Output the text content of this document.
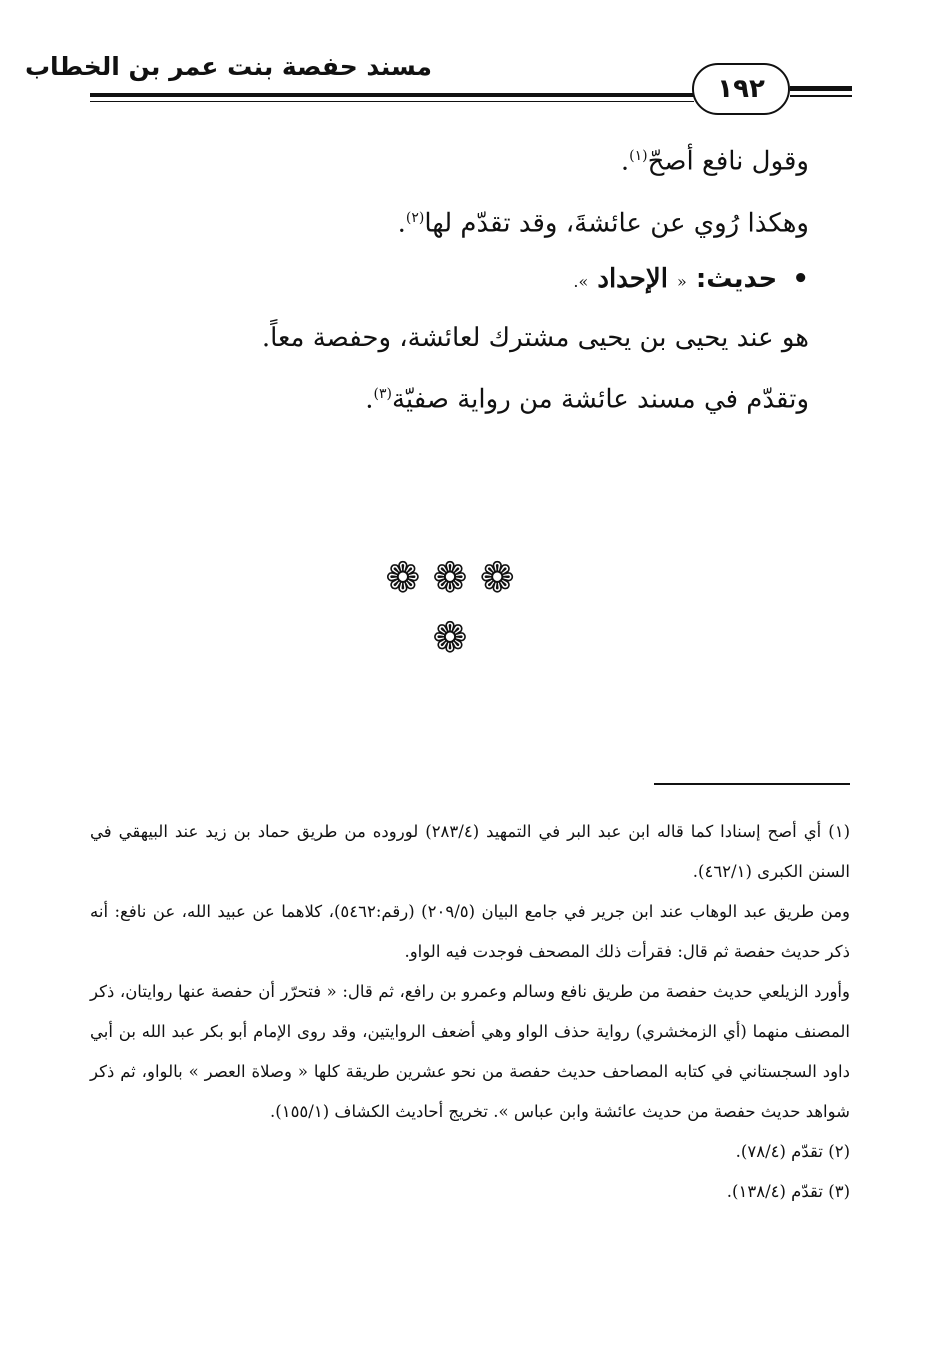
مسند حفصة بنت عمر بن الخطاب
١٩٢

وقول نافع أصحّ$^{(١)}$.

وهكذا رُوي عن عائشةَ، وقد تقدّم لها$^{(٢)}$.

• حديث: « الإحداد ».

هو عند يحيى بن يحيى مشترك لعائشة، وحفصة معاً.

وتقدّم في مسند عائشة من رواية صفيّة$^{(٣)}$.

❁❁❁
❁

(١) أي أصح إسنادا كما قاله ابن عبد البر في التمهيد (٢٨٣/٤) لوروده من طريق حماد بن زيد عند البيهقي في السنن الكبرى (٤٦٢/١).

ومن طريق عبد الوهاب عند ابن جرير في جامع البيان (٢٠٩/٥) (رقم:٥٤٦٢)، كلاهما عن عبيد الله، عن نافع: أنه ذكر حديث حفصة ثم قال: فقرأت ذلك المصحف فوجدت فيه الواو.

وأورد الزيلعي حديث حفصة من طريق نافع وسالم وعمرو بن رافع، ثم قال: « فتحرّر أن حفصة عنها روايتان، ذكر المصنف منهما (أي الزمخشري) رواية حذف الواو وهي أضعف الروايتين، وقد روى الإمام أبو بكر عبد الله بن أبي داود السجستاني في كتابه المصاحف حديث حفصة من نحو عشرين طريقة كلها « وصلاة العصر » بالواو، ثم ذكر شواهد حديث حفصة من حديث عائشة وابن عباس ». تخريج أحاديث الكشاف (١٥٥/١).

(٢) تقدّم (٧٨/٤).

(٣) تقدّم (١٣٨/٤).
